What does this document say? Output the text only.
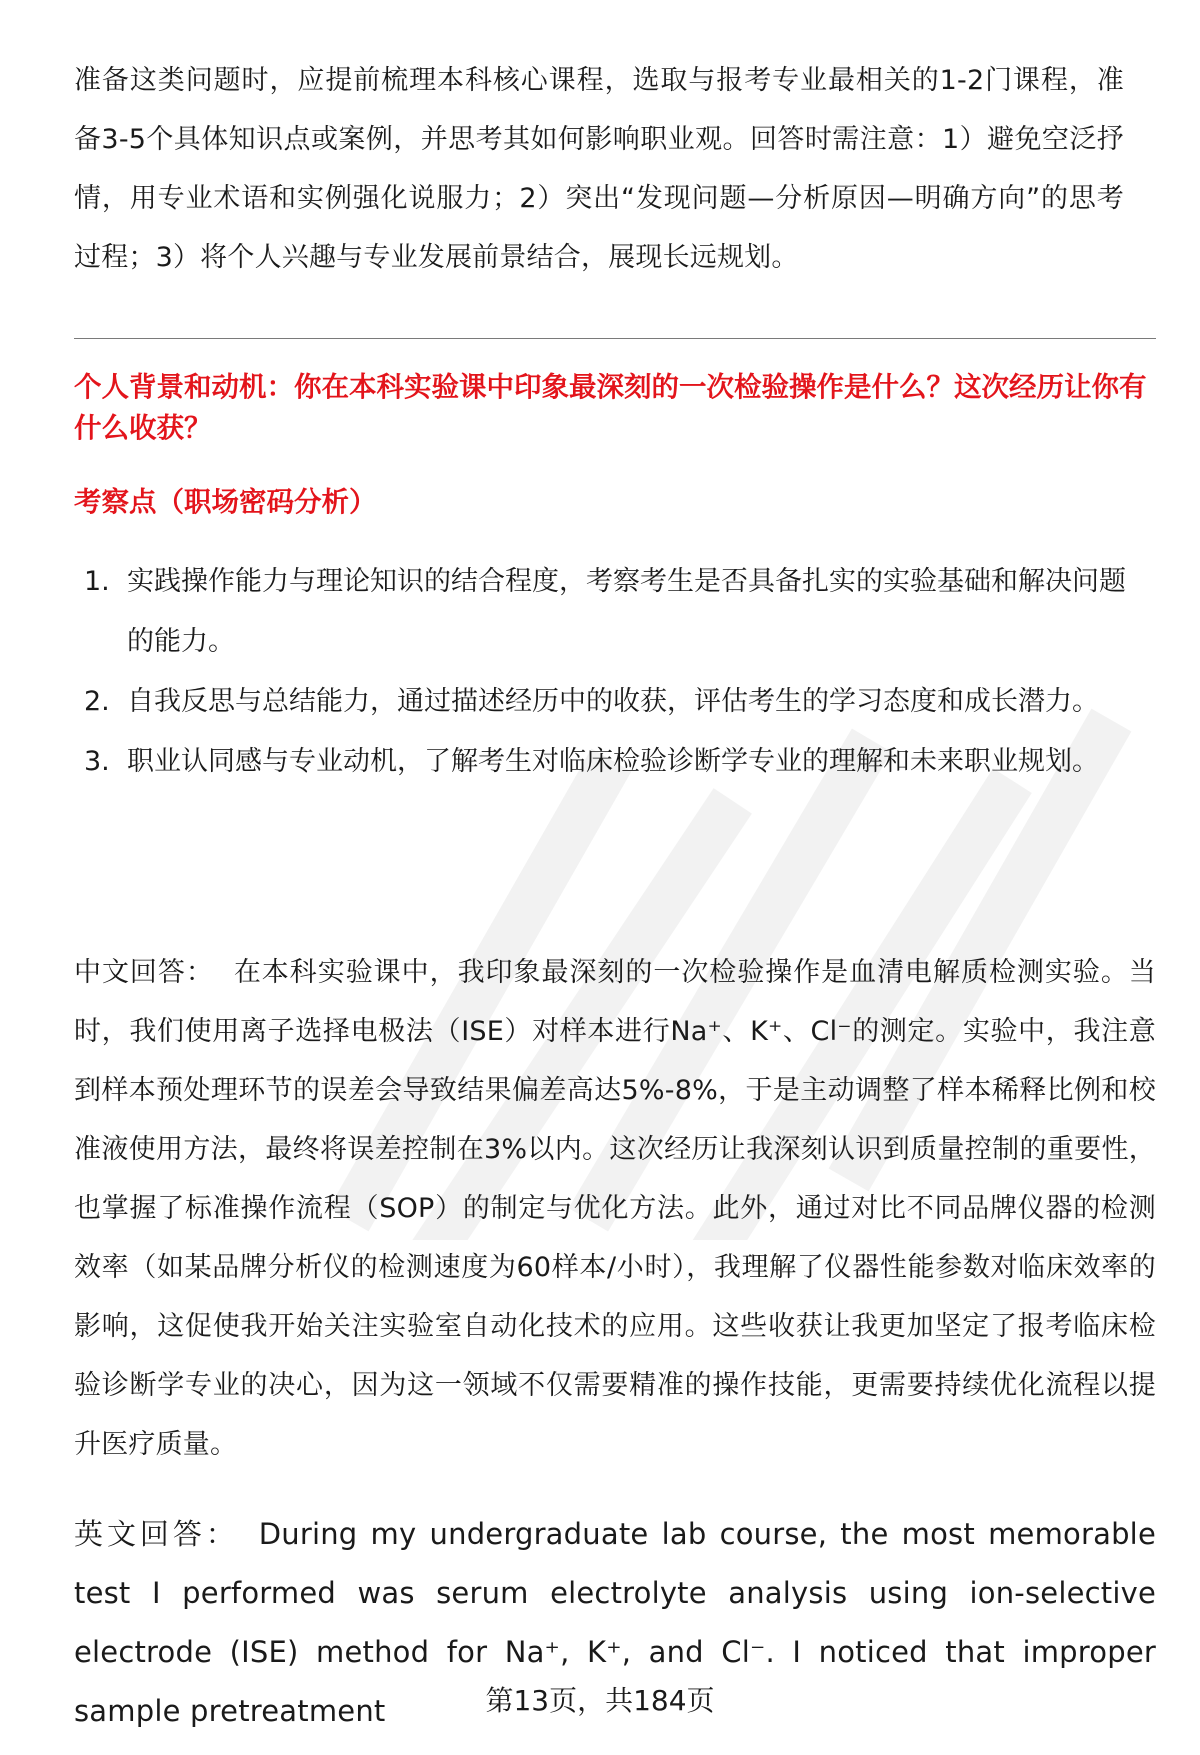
准备这类问题时，应提前梳理本科核心课程，选取与报考专业最相关的1-2门课程，准备3-5个具体知识点或案例，并思考其如何影响职业观。回答时需注意：1）避免空泛抒情，用专业术语和实例强化说服力；2）突出“发现问题—分析原因—明确方向”的思考过程；3）将个人兴趣与专业发展前景结合，展现长远规划。

个人背景和动机：你在本科实验课中印象最深刻的一次检验操作是什么？这次经历让你有什么收获？

考察点（职场密码分析）

1. 实践操作能力与理论知识的结合程度，考察考生是否具备扎实的实验基础和解决问题的能力。
2. 自我反思与总结能力，通过描述经历中的收获，评估考生的学习态度和成长潜力。
3. 职业认同感与专业动机，了解考生对临床检验诊断学专业的理解和未来职业规划。

中文回答： 在本科实验课中，我印象最深刻的一次检验操作是血清电解质检测实验。当时，我们使用离子选择电极法（ISE）对样本进行Na⁺、K⁺、Cl⁻的测定。实验中，我注意到样本预处理环节的误差会导致结果偏差高达5%-8%，于是主动调整了样本稀释比例和校准液使用方法，最终将误差控制在3%以内。这次经历让我深刻认识到质量控制的重要性，也掌握了标准操作流程（SOP）的制定与优化方法。此外，通过对比不同品牌仪器的检测效率（如某品牌分析仪的检测速度为60样本/小时），我理解了仪器性能参数对临床效率的影响，这促使我开始关注实验室自动化技术的应用。这些收获让我更加坚定了报考临床检验诊断学专业的决心，因为这一领域不仅需要精准的操作技能，更需要持续优化流程以提升医疗质量。

英文回答： During my undergraduate lab course, the most memorable test I performed was serum electrolyte analysis using ion-selective electrode (ISE) method for Na⁺, K⁺, and Cl⁻. I noticed that improper sample pretreatment	第13页，共184页
